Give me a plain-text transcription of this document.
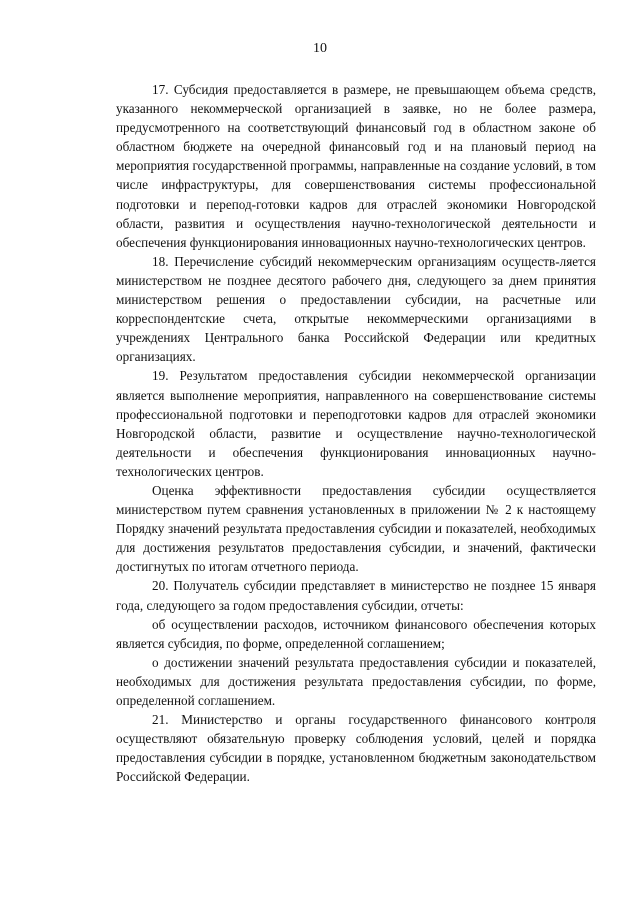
10

17. Субсидия предоставляется в размере, не превышающем объема средств, указанного некоммерческой организацией в заявке, но не более размера, предусмотренного на соответствующий финансовый год в областном законе об областном бюджете на очередной финансовый год и на плановый период на мероприятия государственной программы, направленные на создание условий, в том числе инфраструктуры, для совершенствования системы профессиональной подготовки и перепод-готовки кадров для отраслей экономики Новгородской области, развития и осуществления научно-технологической деятельности и обеспечения функционирования инновационных научно-технологических центров.

18. Перечисление субсидий некоммерческим организациям осуществ-ляется министерством не позднее десятого рабочего дня, следующего за днем принятия министерством решения о предоставлении субсидии, на расчетные или корреспондентские счета, открытые некоммерческими организациями в учреждениях Центрального банка Российской Федерации или кредитных организациях.

19. Результатом предоставления субсидии некоммерческой организации является выполнение мероприятия, направленного на совершенствование системы профессиональной подготовки и переподготовки кадров для отраслей экономики Новгородской области, развитие и осуществление научно-технологической деятельности и обеспечения функционирования инновационных научно-технологических центров.

Оценка эффективности предоставления субсидии осуществляется министерством путем сравнения установленных в приложении № 2 к настоящему Порядку значений результата предоставления субсидии и показателей, необходимых для достижения результатов предоставления субсидии, и значений, фактически достигнутых по итогам отчетного периода.

20. Получатель субсидии представляет в министерство не позднее 15 января года, следующего за годом предоставления субсидии, отчеты:

об осуществлении расходов, источником финансового обеспечения которых является субсидия, по форме, определенной соглашением;

о достижении значений результата предоставления субсидии и показателей, необходимых для достижения результата предоставления субсидии, по форме, определенной соглашением.

21. Министерство и органы государственного финансового контроля осуществляют обязательную проверку соблюдения условий, целей и порядка предоставления субсидии в порядке, установленном бюджетным законодательством Российской Федерации.
